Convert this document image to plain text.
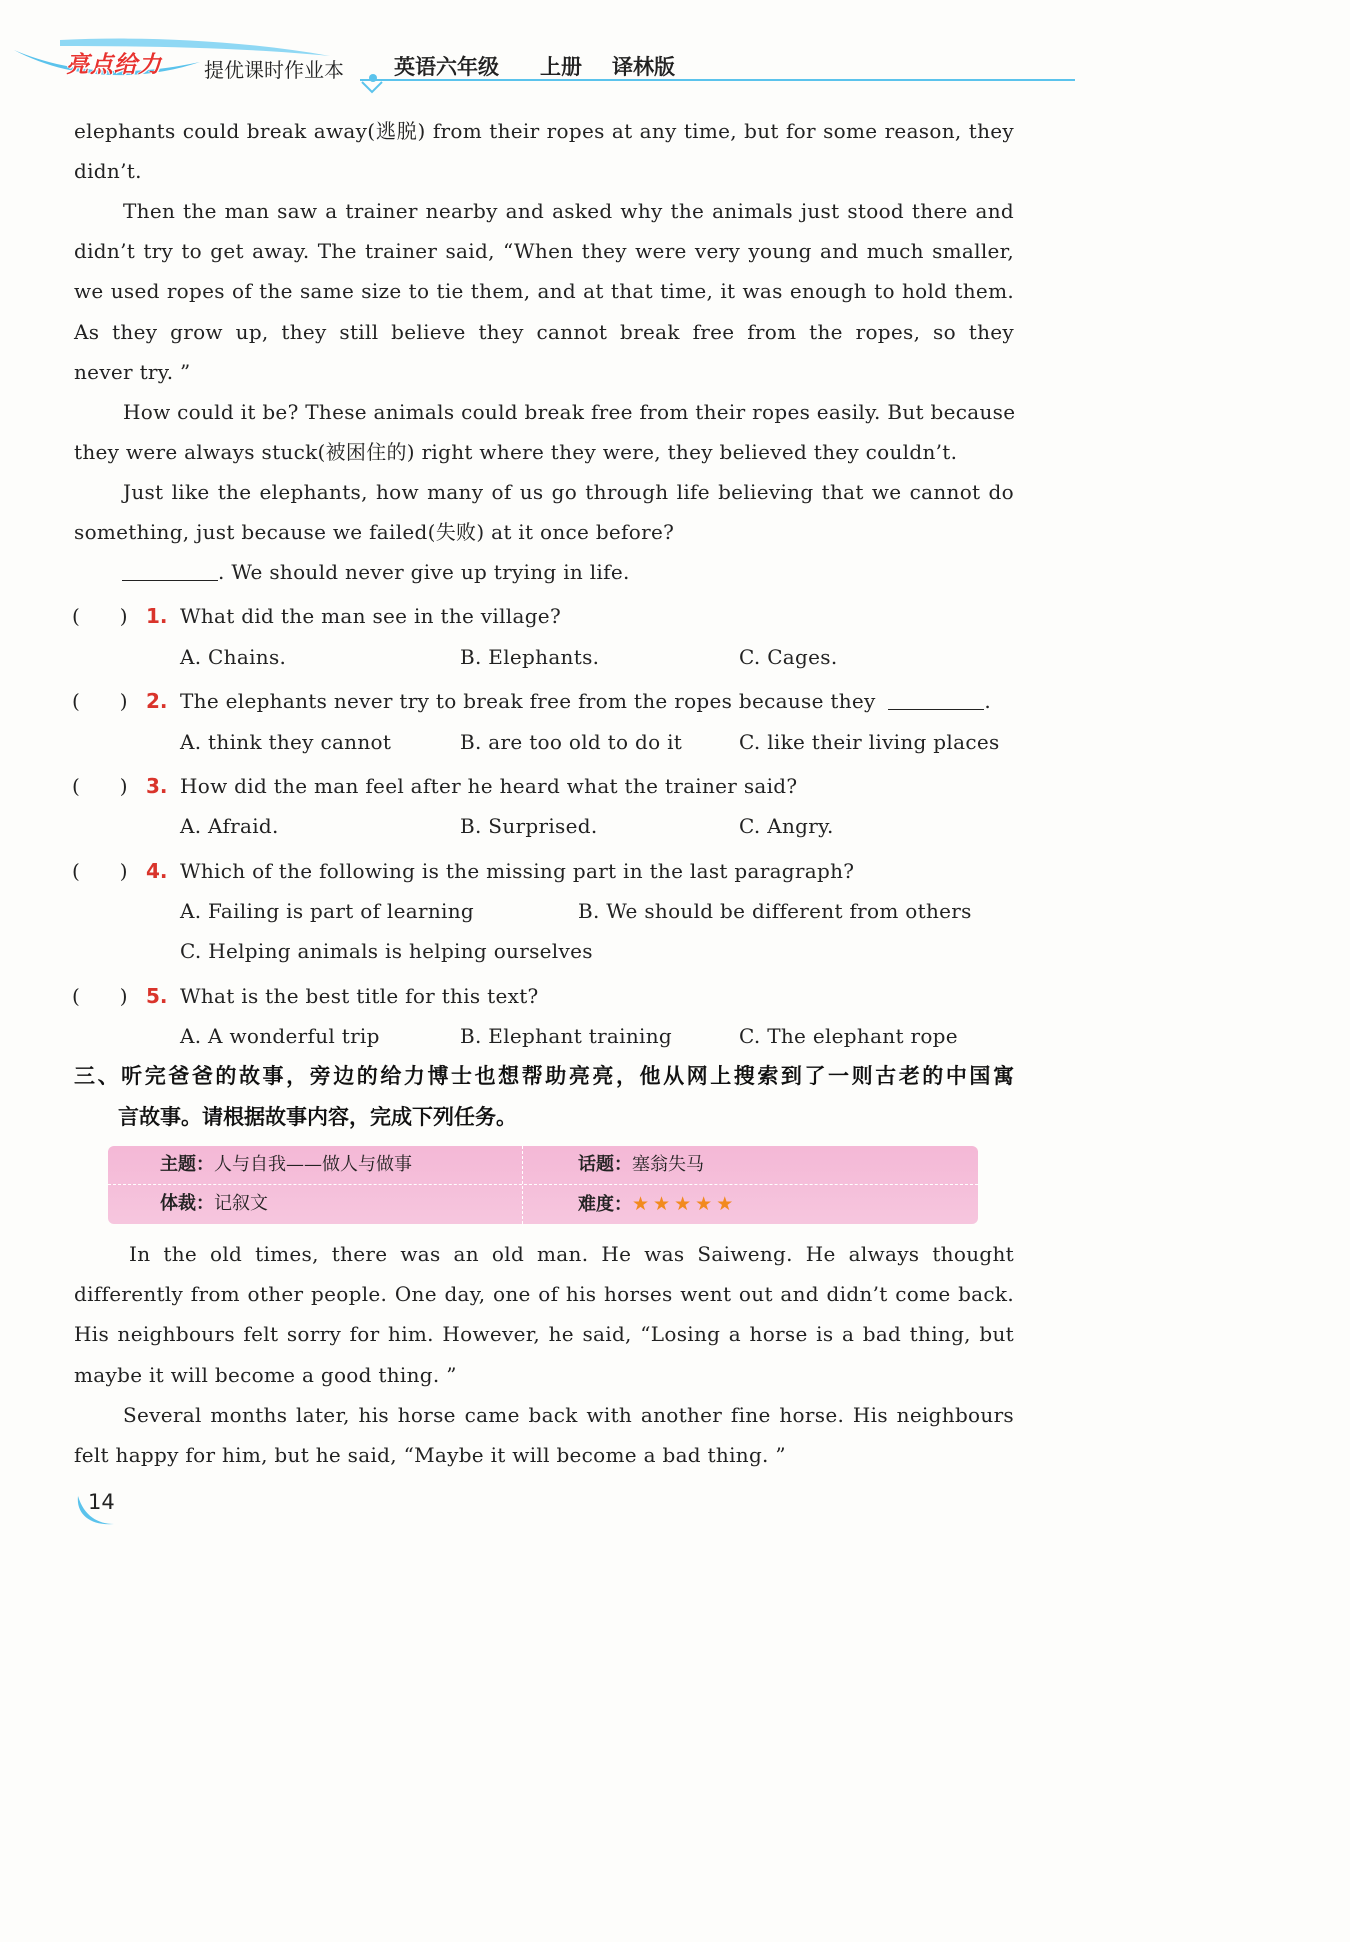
亮点给力 提优课时作业本 英语六年级 上册 译林版
elephants could break away(逃脱) from their ropes at any time, but for some reason, they
didn’t.
Then the man saw a trainer nearby and asked why the animals just stood there and
didn’t try to get away. The trainer said, “When they were very young and much smaller,
we used ropes of the same size to tie them, and at that time, it was enough to hold them.
As they grow up, they still believe they cannot break free from the ropes, so they
never try. ”
How could it be? These animals could break free from their ropes easily. But because
they were always stuck(被困住的) right where they were, they believed they couldn’t.
Just like the elephants, how many of us go through life believing that we cannot do
something, just because we failed(失败) at it once before?
. We should never give up trying in life.
(　　) 1. What did the man see in the village?
A. Chains.	B. Elephants.	C. Cages.
(　　) 2. The elephants never try to break free from the ropes because they	.
A. think they cannot	B. are too old to do it	C. like their living places
(　　) 3. How did the man feel after he heard what the trainer said?
A. Afraid.	B. Surprised.	C. Angry.
(　　) 4. Which of the following is the missing part in the last paragraph?
A. Failing is part of learning	B. We should be different from others
C. Helping animals is helping ourselves
(　　) 5. What is the best title for this text?
A. A wonderful trip	B. Elephant training	C. The elephant rope
三、听完爸爸的故事，旁边的给力博士也想帮助亮亮，他从网上搜索到了一则古老的中国寓
言故事。请根据故事内容，完成下列任务。
主题：人与自我——做人与做事	话题：塞翁失马
体裁：记叙文	难度：★ ★ ★ ★ ★
In the old times, there was an old man. He was Saiweng. He always thought
differently from other people. One day, one of his horses went out and didn’t come back.
His neighbours felt sorry for him. However, he said, “Losing a horse is a bad thing, but
maybe it will become a good thing. ”
Several months later, his horse came back with another fine horse. His neighbours
felt happy for him, but he said, “Maybe it will become a bad thing. ”
14
